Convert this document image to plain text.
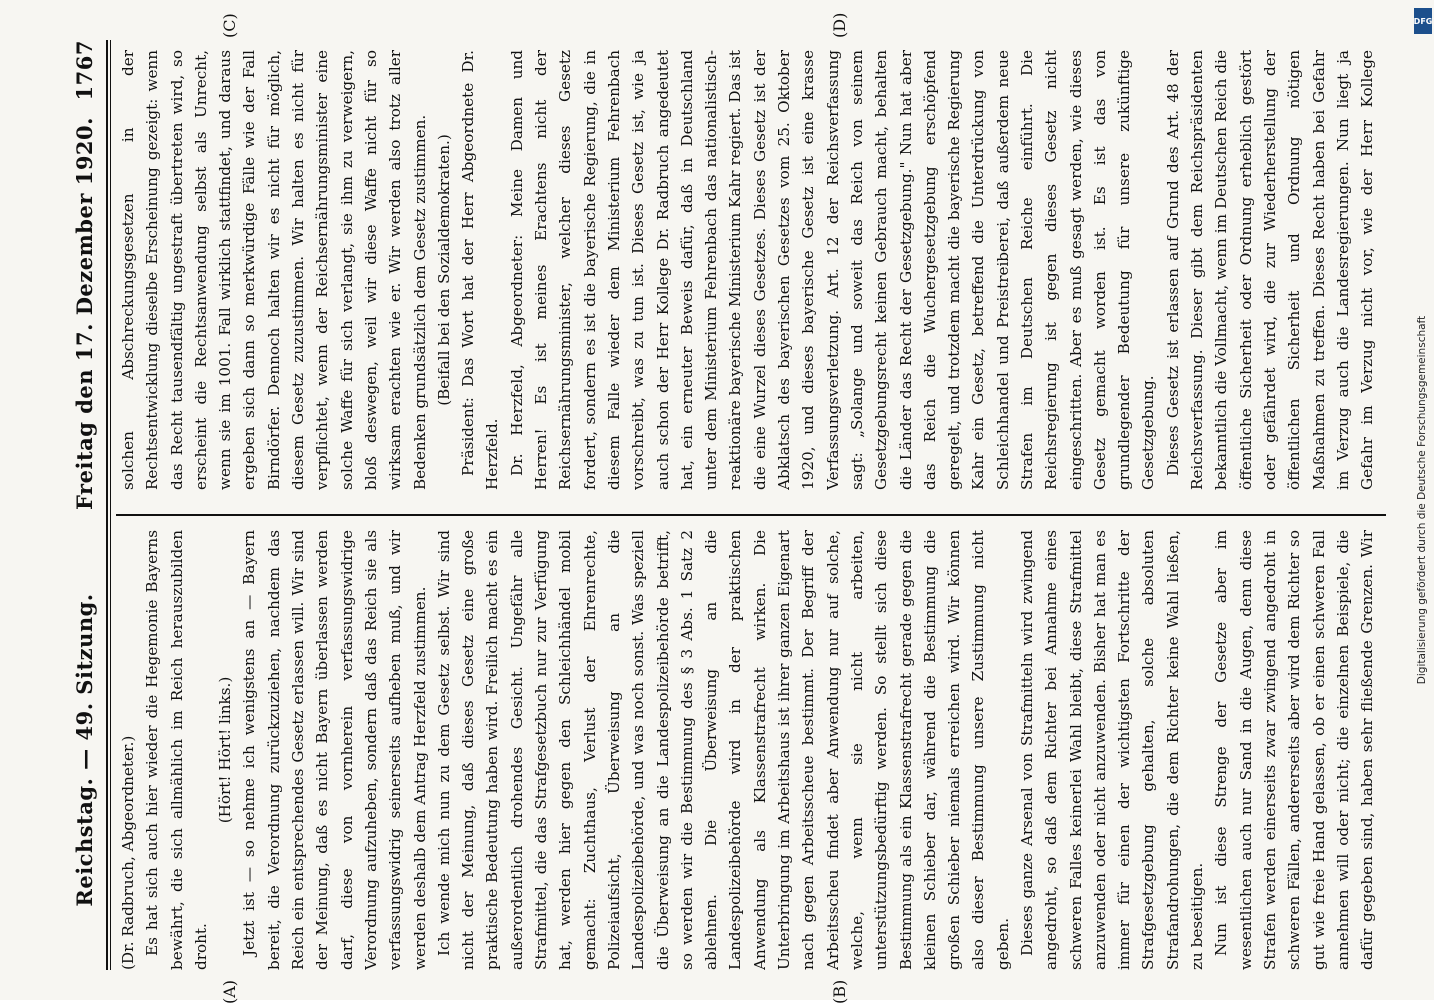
Reichstag. — 49. Sitzung.
Freitag den 17. Dezember 1920.
1767
(A)	(B)
(C)	(D)

(Dr. Radbruch, Abgeordneter.) Es hat sich auch hier wieder die Hegemonie Bayerns bewährt, die sich allmählich im Reich herauszubilden droht.

(Hört! Hört! links.) Jetzt ist — so nehme ich wenigstens an — Bayern bereit, die Verordnung zurückzuziehen, nachdem das Reich ein entsprechendes Gesetz erlassen will. Wir sind der Meinung, daß es nicht Bayern überlassen werden darf, diese von vornherein verfassungswidrige Verordnung aufzuheben, sondern daß das Reich sie als verfassungswidrig seinerseits aufheben muß, und wir werden deshalb dem Antrag Herzfeld zustimmen. Ich wende mich nun zu dem Gesetz selbst. Wir sind nicht der Meinung, daß dieses Gesetz eine große praktische Bedeutung haben wird. Freilich macht es ein außerordentlich drohendes Gesicht. Ungefähr alle Strafmittel, die das Strafgesetzbuch nur zur Verfügung hat, werden hier gegen den Schleichhändel mobil gemacht: Zuchthaus, Verlust der Ehrenrechte, Polizeiaufsicht, Überweisung an die Landespolizeibehörde, und was noch sonst. Was speziell die Überweisung an die Landespolizeibehörde betrifft, so werden wir die Bestimmung des § 3 Abs. 1 Satz 2 ablehnen. Die Überweisung an die Landespolizeibehörde wird in der praktischen Anwendung als Klassenstrafrecht wirken. Die Unterbringung im Arbeitshaus ist ihrer ganzen Eigenart nach gegen Arbeitsscheue bestimmt. Der Begriff der Arbeitsscheu findet aber Anwendung nur auf solche, welche, wenn sie nicht arbeiten, unterstützungsbedürftig werden. So stellt sich diese Bestimmung als ein Klassenstrafrecht gerade gegen die kleinen Schieber dar, während die Bestimmung die großen Schieber niemals erreichen wird. Wir können also dieser Bestimmung unsere Zustimmung nicht geben. Dieses ganze Arsenal von Strafmitteln wird zwingend angedroht, so daß dem Richter bei Annahme eines schweren Falles keinerlei Wahl bleibt, diese Strafmittel anzuwenden oder nicht anzuwenden. Bisher hat man es immer für einen der wichtigsten Fortschritte der Strafgesetzgebung gehalten, solche absoluten Strafandrohungen, die dem Richter keine Wahl ließen, zu beseitigen. Nun ist diese Strenge der Gesetze aber im wesentlichen auch nur Sand in die Augen, denn diese Strafen werden einerseits zwar zwingend angedroht in schweren Fällen, andererseits aber wird dem Richter so gut wie freie Hand gelassen, ob er einen schweren Fall annehmen will oder nicht; die einzelnen Beispiele, die dafür gegeben sind, haben sehr fließende Grenzen. Wir

solchen Abschreckungsgesetzen in der Rechtsentwicklung dieselbe Erscheinung gezeigt: wenn das Recht tausendfältig ungestraft übertreten wird, so erscheint die Rechtsanwendung selbst als Unrecht, wenn sie im 1001. Fall wirklich stattfindet, und daraus ergeben sich dann so merkwürdige Fälle wie der Fall Birndörfer. Dennoch halten wir es nicht für möglich, diesem Gesetz zuzustimmen. Wir halten es nicht für verpflichtet, wenn der Reichsernährungsminister eine solche Waffe für sich verlangt, sie ihm zu verweigern, bloß deswegen, weil wir diese Waffe nicht für so wirksam erachten wie er. Wir werden also trotz aller Bedenken grundsätzlich dem Gesetz zustimmen. (Beifall bei den Sozialdemokraten.) Präsident: Das Wort hat der Herr Abgeordnete Dr. Herzfeld. Dr. Herzfeld, Abgeordneter: Meine Damen und Herren! Es ist meines Erachtens nicht der Reichsernährungsminister, welcher dieses Gesetz fordert, sondern es ist die bayerische Regierung, die in diesem Falle wieder dem Ministerium Fehrenbach vorschreibt, was zu tun ist. Dieses Gesetz ist, wie ja auch schon der Herr Kollege Dr. Radbruch angedeutet hat, ein erneuter Beweis dafür, daß in Deutschland unter dem Ministerium Fehrenbach das nationalistisch-reaktionäre bayerische Ministerium Kahr regiert. Das ist die eine Wurzel dieses Gesetzes. Dieses Gesetz ist der Abklatsch des bayerischen Gesetzes vom 25. Oktober 1920, und dieses bayerische Gesetz ist eine krasse Verfassungsverletzung. Art. 12 der Reichsverfassung sagt: „Solange und soweit das Reich von seinem Gesetzgebungsrecht keinen Gebrauch macht, behalten die Länder das Recht der Gesetzgebung." Nun hat aber das Reich die Wuchergesetzgebung erschöpfend geregelt, und trotzdem macht die bayerische Regierung Kahr ein Gesetz, betreffend die Unterdrückung von Schleichhandel und Preistreiberei, daß außerdem neue Strafen im Deutschen Reiche einführt. Die Reichsregierung ist gegen dieses Gesetz nicht eingeschritten. Aber es muß gesagt werden, wie dieses Gesetz gemacht worden ist. Es ist das von grundlegender Bedeutung für unsere zukünftige Gesetzgebung. Dieses Gesetz ist erlassen auf Grund des Art. 48 der Reichsverfassung. Dieser gibt dem Reichspräsidenten bekanntlich die Vollmacht, wenn im Deutschen Reich die öffentliche Sicherheit oder Ordnung erheblich gestört oder gefährdet wird, die zur Wiederherstellung der öffentlichen Sicherheit und Ordnung nötigen Maßnahmen zu treffen. Dieses Recht haben bei Gefahr im Verzug auch die Landesregierungen. Nun liegt ja Gefahr im Verzug nicht vor, wie der Herr Kollege

Digitalisierung gefördert durch die Deutsche Forschungsgemeinschaft
DFG
